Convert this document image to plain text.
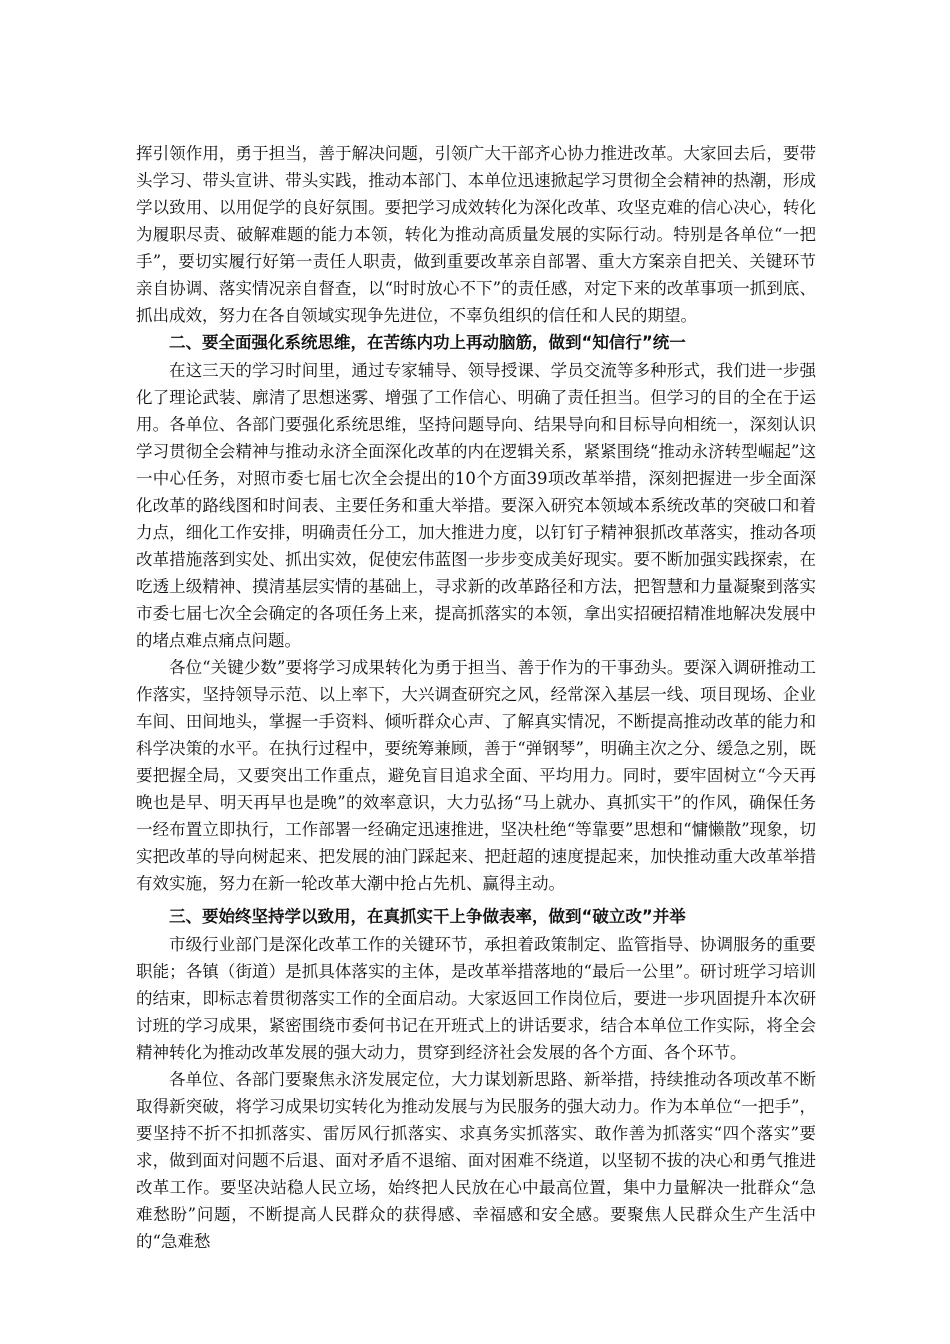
挥引领作用，勇于担当，善于解决问题，引领广大干部齐心协力推进改革。大家回去后，要带头学习、带头宣讲、带头实践，推动本部门、本单位迅速掀起学习贯彻全会精神的热潮，形成学以致用、以用促学的良好氛围。要把学习成效转化为深化改革、攻坚克难的信心决心，转化为履职尽责、破解难题的能力本领，转化为推动高质量发展的实际行动。特别是各单位“一把手”，要切实履行好第一责任人职责，做到重要改革亲自部署、重大方案亲自把关、关键环节亲自协调、落实情况亲自督查，以“时时放心不下”的责任感，对定下来的改革事项一抓到底、抓出成效，努力在各自领域实现争先进位，不辜负组织的信任和人民的期望。

二、要全面强化系统思维，在苦练内功上再动脑筋，做到“知信行”统一

在这三天的学习时间里，通过专家辅导、领导授课、学员交流等多种形式，我们进一步强化了理论武装、廓清了思想迷雾、增强了工作信心、明确了责任担当。但学习的目的全在于运用。各单位、各部门要强化系统思维，坚持问题导向、结果导向和目标导向相统一，深刻认识学习贯彻全会精神与推动永济全面深化改革的内在逻辑关系，紧紧围绕“推动永济转型崛起”这一中心任务，对照市委七届七次全会提出的10个方面39项改革举措，深刻把握进一步全面深化改革的路线图和时间表、主要任务和重大举措。要深入研究本领域本系统改革的突破口和着力点，细化工作安排，明确责任分工，加大推进力度，以钉钉子精神狠抓改革落实，推动各项改革措施落到实处、抓出实效，促使宏伟蓝图一步步变成美好现实。要不断加强实践探索，在吃透上级精神、摸清基层实情的基础上，寻求新的改革路径和方法，把智慧和力量凝聚到落实市委七届七次全会确定的各项任务上来，提高抓落实的本领，拿出实招硬招精准地解决发展中的堵点难点痛点问题。

各位“关键少数”要将学习成果转化为勇于担当、善于作为的干事劲头。要深入调研推动工作落实，坚持领导示范、以上率下，大兴调查研究之风，经常深入基层一线、项目现场、企业车间、田间地头，掌握一手资料、倾听群众心声、了解真实情况，不断提高推动改革的能力和科学决策的水平。在执行过程中，要统筹兼顾，善于“弹钢琴”，明确主次之分、缓急之别，既要把握全局，又要突出工作重点，避免盲目追求全面、平均用力。同时，要牢固树立“今天再晚也是早、明天再早也是晚”的效率意识，大力弘扬“马上就办、真抓实干”的作风，确保任务一经布置立即执行，工作部署一经确定迅速推进，坚决杜绝“等靠要”思想和“慵懒散”现象，切实把改革的导向树起来、把发展的油门踩起来、把赶超的速度提起来，加快推动重大改革举措有效实施，努力在新一轮改革大潮中抢占先机、赢得主动。

三、要始终坚持学以致用，在真抓实干上争做表率，做到“破立改”并举

市级行业部门是深化改革工作的关键环节，承担着政策制定、监管指导、协调服务的重要职能；各镇（街道）是抓具体落实的主体，是改革举措落地的“最后一公里”。研讨班学习培训的结束，即标志着贯彻落实工作的全面启动。大家返回工作岗位后，要进一步巩固提升本次研讨班的学习成果，紧密围绕市委何书记在开班式上的讲话要求，结合本单位工作实际，将全会精神转化为推动改革发展的强大动力，贯穿到经济社会发展的各个方面、各个环节。

各单位、各部门要聚焦永济发展定位，大力谋划新思路、新举措，持续推动各项改革不断取得新突破，将学习成果切实转化为推动发展与为民服务的强大动力。作为本单位“一把手”，要坚持不折不扣抓落实、雷厉风行抓落实、求真务实抓落实、敢作善为抓落实“四个落实”要求，做到面对问题不后退、面对矛盾不退缩、面对困难不绕道，以坚韧不拔的决心和勇气推进改革工作。要坚决站稳人民立场，始终把人民放在心中最高位置，集中力量解决一批群众“急难愁盼”问题，不断提高人民群众的获得感、幸福感和安全感。要聚焦人民群众生产生活中的“急难愁
